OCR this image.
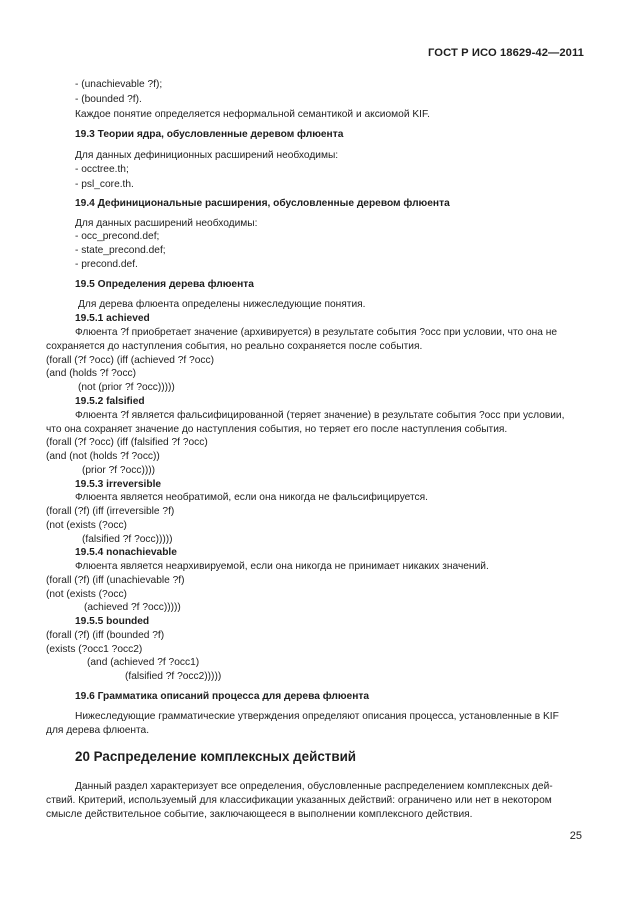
ГОСТ Р ИСО 18629-42—2011
- (unachievable ?f);
- (bounded ?f).
Каждое понятие определяется неформальной семантикой и аксиомой KIF.
19.3 Теории ядра, обусловленные деревом флюента
Для данных дефиниционных расширений необходимы:
- occtree.th;
- psl_core.th.
19.4 Дефинициональные расширения, обусловленные деревом флюента
Для данных расширений необходимы:
- occ_precond.def;
- state_precond.def;
- precond.def.
19.5 Определения дерева флюента
Для дерева флюента определены нижеследующие понятия.
19.5.1 achieved
Флюента ?f приобретает значение (архивируется) в результате события ?occ при условии, что она не
сохраняется до наступления события, но реально сохраняется после события.
(forall (?f ?occ) (iff (achieved ?f ?occ)
(and (holds ?f ?occ)
(not (prior ?f ?occ)))))
19.5.2 falsified
Флюента ?f является фальсифицированной (теряет значение) в результате события ?occ при условии,
что она сохраняет значение до наступления события, но теряет его после наступления события.
(forall (?f ?occ) (iff (falsified ?f ?occ)
(and (not (holds ?f ?occ))
(prior ?f ?occ))))
19.5.3 irreversible
Флюента является необратимой, если она никогда не фальсифицируется.
(forall (?f) (iff (irreversible ?f)
(not (exists (?occ)
(falsified ?f ?occ)))))
19.5.4 nonachievable
Флюента является неархивируемой, если она никогда не принимает никаких значений.
(forall (?f) (iff (unachievable ?f)
(not (exists (?occ)
(achieved ?f ?occ)))))
19.5.5 bounded
(forall (?f) (iff (bounded ?f)
(exists (?occ1 ?occ2)
(and (achieved ?f ?occ1)
(falsified ?f ?occ2)))))
19.6 Грамматика описаний процесса для дерева флюента
Нижеследующие грамматические утверждения определяют описания процесса, установленные в KIF
для дерева флюента.
20 Распределение комплексных действий
Данный раздел характеризует все определения, обусловленные распределением комплексных дей-
ствий. Критерий, используемый для классификации указанных действий: ограничено или нет в некотором
смысле действительное событие, заключающееся в выполнении комплексного действия.
25
